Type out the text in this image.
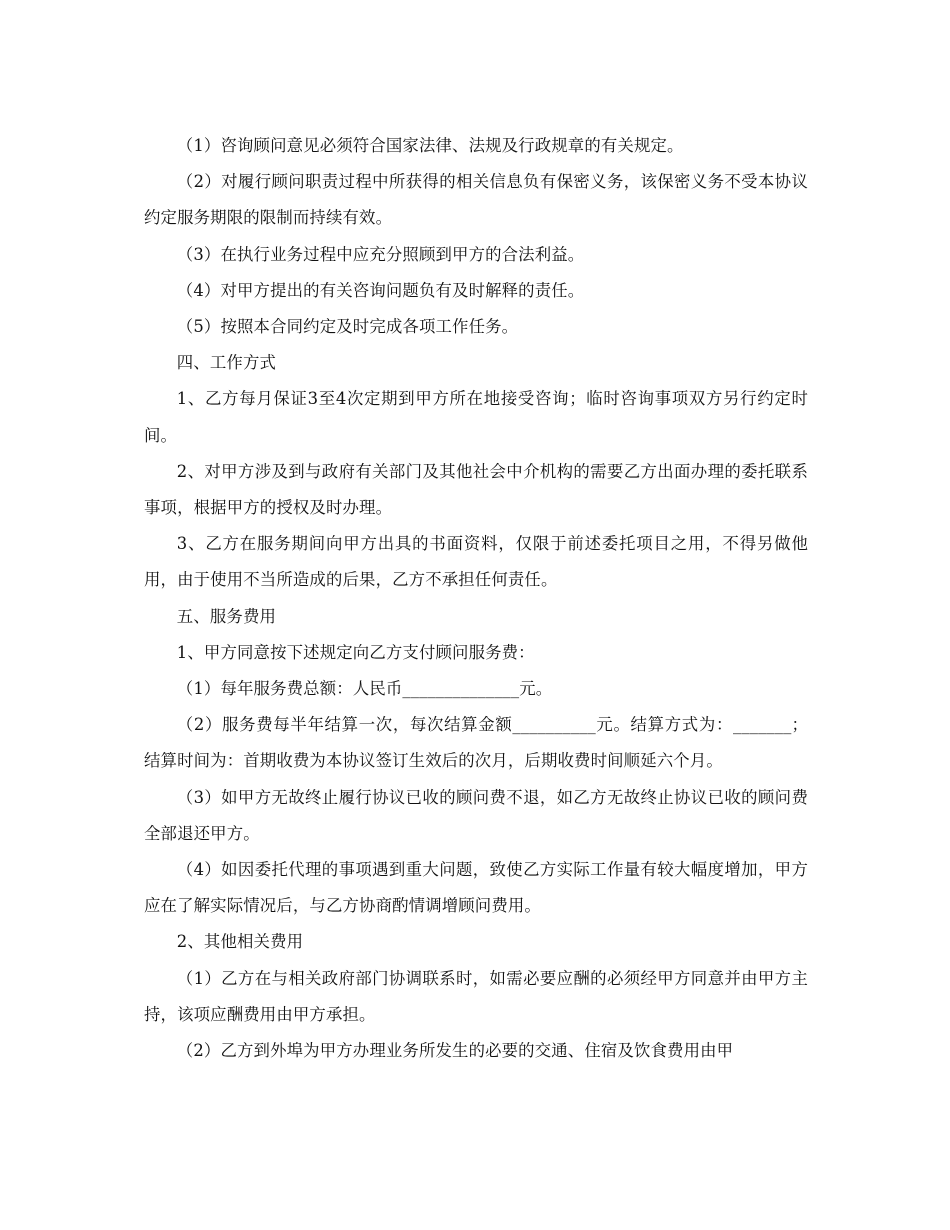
（1）咨询顾问意见必须符合国家法律、法规及行政规章的有关规定。

（2）对履行顾问职责过程中所获得的相关信息负有保密义务，该保密义务不受本协议约定服务期限的限制而持续有效。

（3）在执行业务过程中应充分照顾到甲方的合法利益。

（4）对甲方提出的有关咨询问题负有及时解释的责任。

（5）按照本合同约定及时完成各项工作任务。

四、工作方式

1、乙方每月保证3至4次定期到甲方所在地接受咨询；临时咨询事项双方另行约定时间。

2、对甲方涉及到与政府有关部门及其他社会中介机构的需要乙方出面办理的委托联系事项，根据甲方的授权及时办理。

3、乙方在服务期间向甲方出具的书面资料，仅限于前述委托项目之用，不得另做他用，由于使用不当所造成的后果，乙方不承担任何责任。

五、服务费用

1、甲方同意按下述规定向乙方支付顾问服务费：

（1）每年服务费总额：人民币______________元。

（2）服务费每半年结算一次，每次结算金额__________元。结算方式为：_______；结算时间为：首期收费为本协议签订生效后的次月，后期收费时间顺延六个月。

（3）如甲方无故终止履行协议已收的顾问费不退，如乙方无故终止协议已收的顾问费全部退还甲方。

（4）如因委托代理的事项遇到重大问题，致使乙方实际工作量有较大幅度增加，甲方应在了解实际情况后，与乙方协商酌情调增顾问费用。

2、其他相关费用

（1）乙方在与相关政府部门协调联系时，如需必要应酬的必须经甲方同意并由甲方主持，该项应酬费用由甲方承担。

（2）乙方到外埠为甲方办理业务所发生的必要的交通、住宿及饮食费用由甲
